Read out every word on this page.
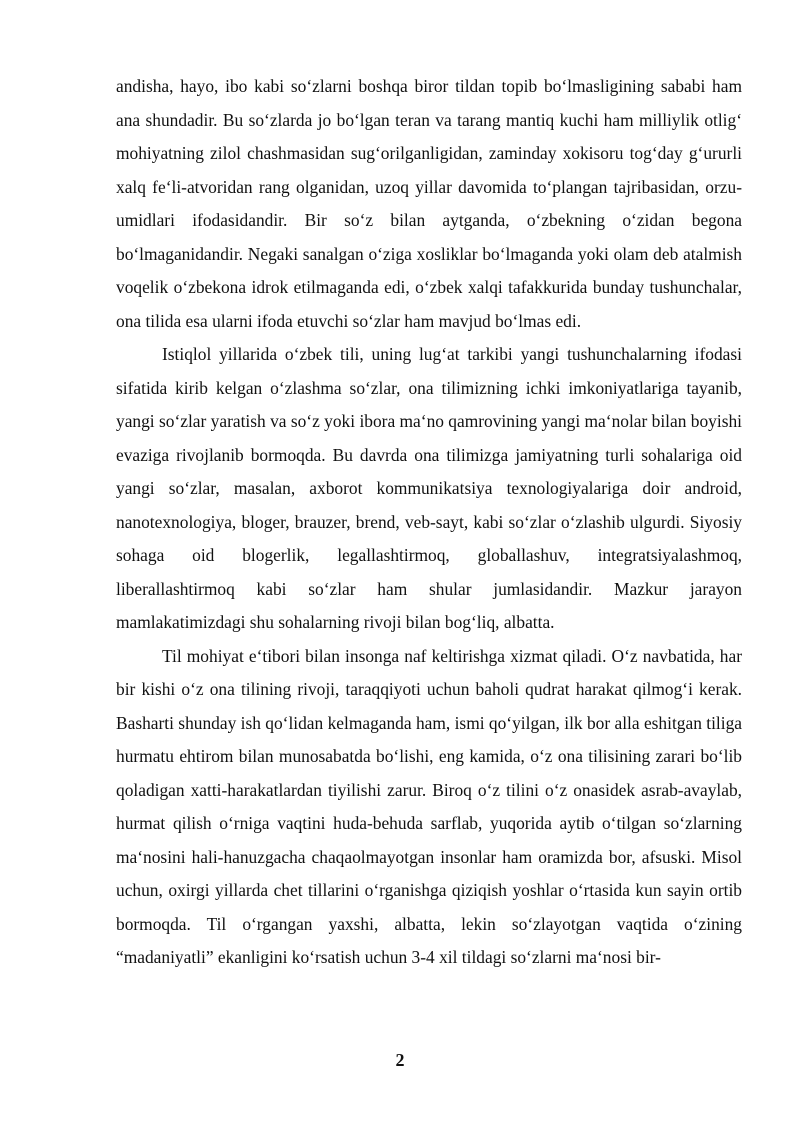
andisha, hayo, ibo kabi so‘zlarni boshqa biror tildan topib bo‘lmasligining sababi ham ana shundadir. Bu so‘zlarda jo bo‘lgan teran va tarang mantiq kuchi ham milliylik otlig‘ mohiyatning zilol chashmasidan sug‘orilganligidan, zaminday xokisoru tog‘day g‘ururli xalq fe‘li-atvoridan rang olganidan, uzoq yillar davomida to‘plangan tajribasidan, orzu-umidlari ifodasidandir. Bir so‘z bilan aytganda, o‘zbekning o‘zidan begona bo‘lmaganidandir. Negaki sanalgan o‘ziga xosliklar bo‘lmaganda yoki olam deb atalmish voqelik o‘zbekona idrok etilmaganda edi, o‘zbek xalqi tafakkurida bunday tushunchalar, ona tilida esa ularni ifoda etuvchi so‘zlar ham mavjud bo‘lmas edi.

Istiqlol yillarida o‘zbek tili, uning lug‘at tarkibi yangi tushunchalarning ifodasi sifatida kirib kelgan o‘zlashma so‘zlar, ona tilimizning ichki imkoniyatlariga tayanib, yangi so‘zlar yaratish va so‘z yoki ibora ma‘no qamrovining yangi ma‘nolar bilan boyishi evaziga rivojlanib bormoqda. Bu davrda ona tilimizga jamiyatning turli sohalariga oid yangi so‘zlar, masalan, axborot kommunikatsiya texnologiyalariga doir android, nanotexnologiya, bloger, brauzer, brend, veb-sayt, kabi so‘zlar o‘zlashib ulgurdi. Siyosiy sohaga oid blogerlik, legallashtirmoq, globallashuv, integratsiyalashmoq, liberallashtirmoq kabi so‘zlar ham shular jumlasidandir. Mazkur jarayon mamlakatimizdagi shu sohalarning rivoji bilan bog‘liq, albatta.

Til mohiyat e‘tibori bilan insonga naf keltirishga xizmat qiladi. O‘z navbatida, har bir kishi o‘z ona tilining rivoji, taraqqiyoti uchun baholi qudrat harakat qilmog‘i kerak. Basharti shunday ish qo‘lidan kelmaganda ham, ismi qo‘yilgan, ilk bor alla eshitgan tiliga hurmatu ehtirom bilan munosabatda bo‘lishi, eng kamida, o‘z ona tilisining zarari bo‘lib qoladigan xatti-harakatlardan tiyilishi zarur. Biroq o‘z tilini o‘z onasidek asrab-avaylab, hurmat qilish o‘rniga vaqtini huda-behuda sarflab, yuqorida aytib o‘tilgan so‘zlarning ma‘nosini hali-hanuzgacha chaqaolmayotgan insonlar ham oramizda bor, afsuski. Misol uchun, oxirgi yillarda chet tillarini o‘rganishga qiziqish yoshlar o‘rtasida kun sayin ortib bormoqda. Til o‘rgangan yaxshi, albatta, lekin so‘zlayotgan vaqtida o‘zining “madaniyatli” ekanligini ko‘rsatish uchun 3-4 xil tildagi so‘zlarni ma‘nosi bir-

2
